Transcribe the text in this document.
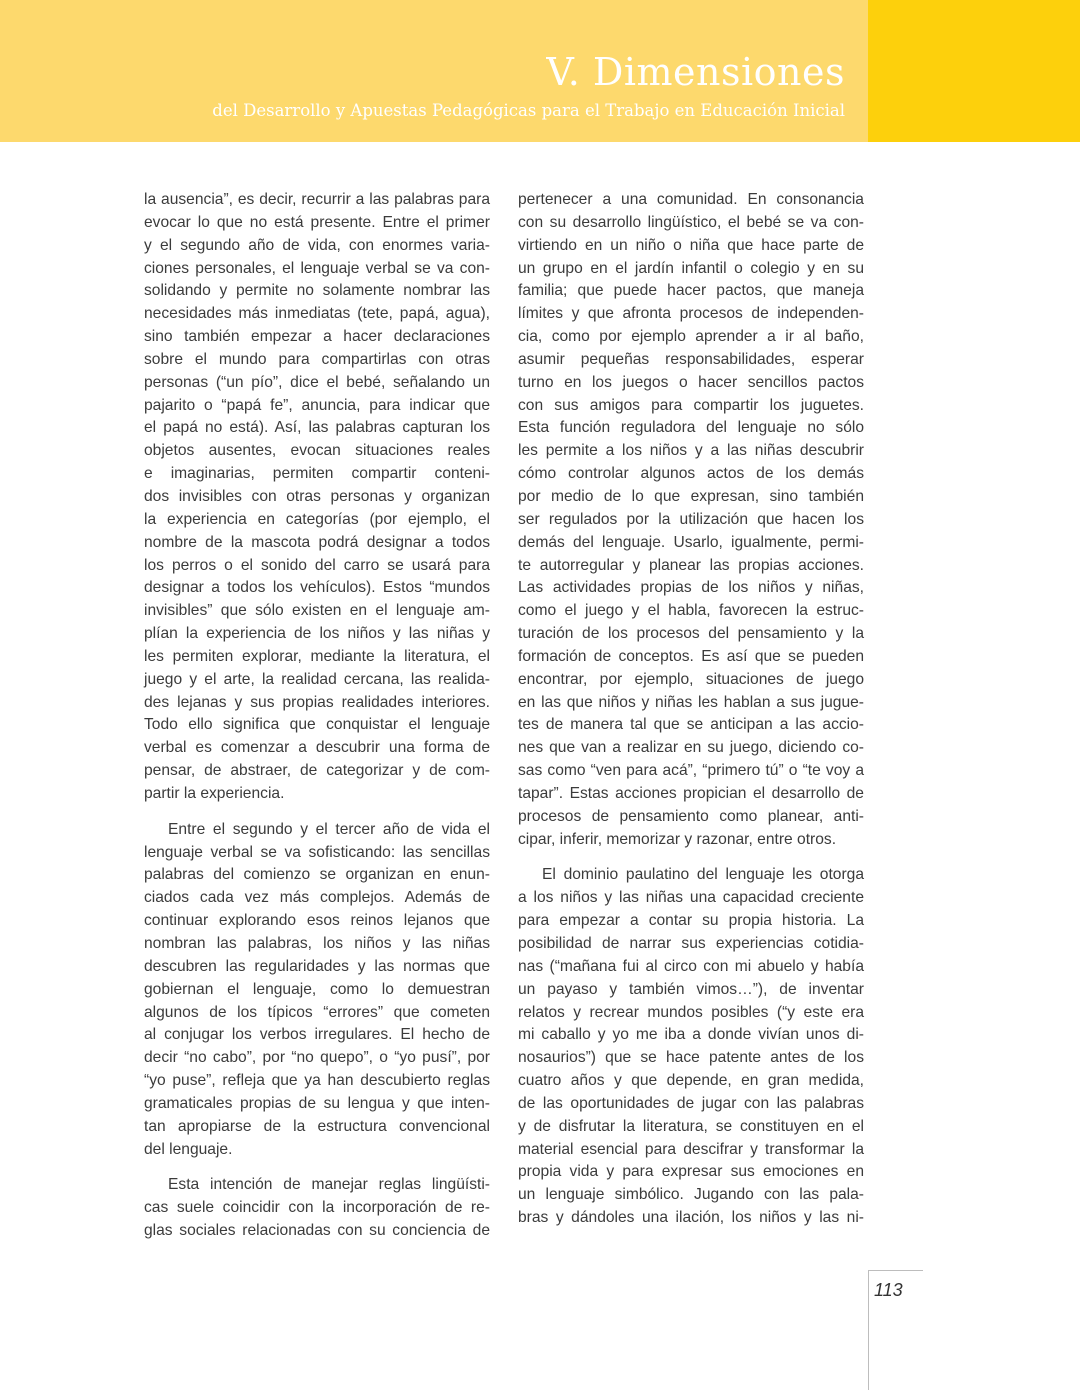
V. Dimensiones
del Desarrollo y Apuestas Pedagógicas para el Trabajo en Educación Inicial
la ausencia”, es decir, recurrir a las palabras para
evocar lo que no está presente. Entre el primer
y el segundo año de vida, con enormes varia-
ciones personales, el lenguaje verbal se va con-
solidando y permite no solamente nombrar las
necesidades más inmediatas (tete, papá, agua),
sino también empezar a hacer declaraciones
sobre el mundo para compartirlas con otras
personas (“un pío”, dice el bebé, señalando un
pajarito o “papá fe”, anuncia, para indicar que
el papá no está). Así, las palabras capturan los
objetos ausentes, evocan situaciones reales
e imaginarias, permiten compartir conteni-
dos invisibles con otras personas y organizan
la experiencia en categorías (por ejemplo, el
nombre de la mascota podrá designar a todos
los perros o el sonido del carro se usará para
designar a todos los vehículos). Estos “mundos
invisibles” que sólo existen en el lenguaje am-
plían la experiencia de los niños y las niñas y
les permiten explorar, mediante la literatura, el
juego y el arte, la realidad cercana, las realida-
des lejanas y sus propias realidades interiores.
Todo ello significa que conquistar el lenguaje
verbal es comenzar a descubrir una forma de
pensar, de abstraer, de categorizar y de com-
partir la experiencia.
Entre el segundo y el tercer año de vida el
lenguaje verbal se va sofisticando: las sencillas
palabras del comienzo se organizan en enun-
ciados cada vez más complejos. Además de
continuar explorando esos reinos lejanos que
nombran las palabras, los niños y las niñas
descubren las regularidades y las normas que
gobiernan el lenguaje, como lo demuestran
algunos de los típicos “errores” que cometen
al conjugar los verbos irregulares. El hecho de
decir “no cabo”, por “no quepo”, o “yo pusí”, por
“yo puse”, refleja que ya han descubierto reglas
gramaticales propias de su lengua y que inten-
tan apropiarse de la estructura convencional
del lenguaje.
Esta intención de manejar reglas lingüísti-
cas suele coincidir con la incorporación de re-
glas sociales relacionadas con su conciencia de
pertenecer a una comunidad. En consonancia
con su desarrollo lingüístico, el bebé se va con-
virtiendo en un niño o niña que hace parte de
un grupo en el jardín infantil o colegio y en su
familia; que puede hacer pactos, que maneja
límites y que afronta procesos de independen-
cia, como por ejemplo aprender a ir al baño,
asumir pequeñas responsabilidades, esperar
turno en los juegos o hacer sencillos pactos
con sus amigos para compartir los juguetes.
Esta función reguladora del lenguaje no sólo
les permite a los niños y a las niñas descubrir
cómo controlar algunos actos de los demás
por medio de lo que expresan, sino también
ser regulados por la utilización que hacen los
demás del lenguaje. Usarlo, igualmente, permi-
te autorregular y planear las propias acciones.
Las actividades propias de los niños y niñas,
como el juego y el habla, favorecen la estruc-
turación de los procesos del pensamiento y la
formación de conceptos. Es así que se pueden
encontrar, por ejemplo, situaciones de juego
en las que niños y niñas les hablan a sus jugue-
tes de manera tal que se anticipan a las accio-
nes que van a realizar en su juego, diciendo co-
sas como “ven para acá”, “primero tú” o “te voy a
tapar”. Estas acciones propician el desarrollo de
procesos de pensamiento como planear, anti-
cipar, inferir, memorizar y razonar, entre otros.
El dominio paulatino del lenguaje les otorga
a los niños y las niñas una capacidad creciente
para empezar a contar su propia historia. La
posibilidad de narrar sus experiencias cotidia-
nas (“mañana fui al circo con mi abuelo y había
un payaso y también vimos…”), de inventar
relatos y recrear mundos posibles (“y este era
mi caballo y yo me iba a donde vivían unos di-
nosaurios”) que se hace patente antes de los
cuatro años y que depende, en gran medida,
de las oportunidades de jugar con las palabras
y de disfrutar la literatura, se constituyen en el
material esencial para descifrar y transformar la
propia vida y para expresar sus emociones en
un lenguaje simbólico. Jugando con las pala-
bras y dándoles una ilación, los niños y las ni-
113
